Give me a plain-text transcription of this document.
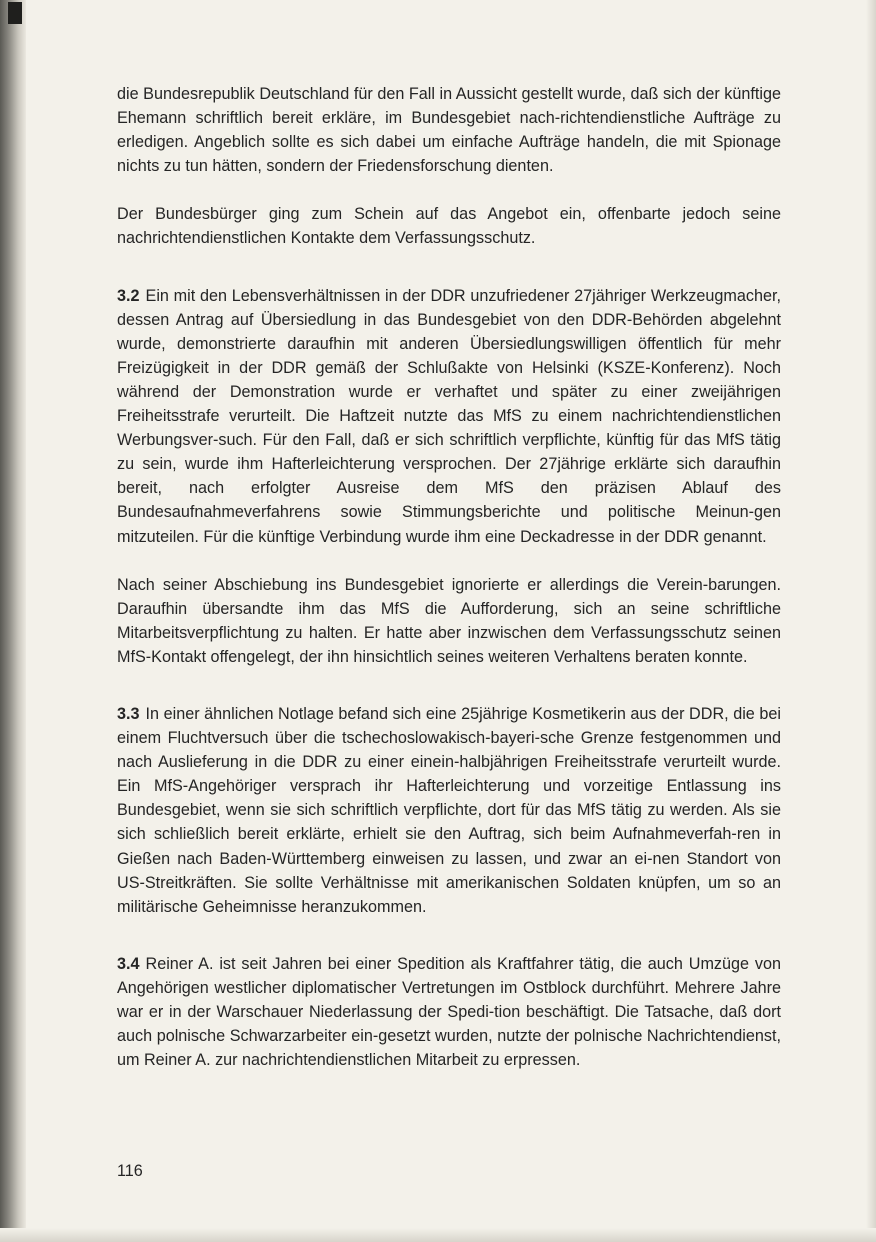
die Bundesrepublik Deutschland für den Fall in Aussicht gestellt wurde, daß sich der künftige Ehemann schriftlich bereit erkläre, im Bundesgebiet nach-richtendienstliche Aufträge zu erledigen. Angeblich sollte es sich dabei um einfache Aufträge handeln, die mit Spionage nichts zu tun hätten, sondern der Friedensforschung dienten.

Der Bundesbürger ging zum Schein auf das Angebot ein, offenbarte jedoch seine nachrichtendienstlichen Kontakte dem Verfassungsschutz.

3.2 Ein mit den Lebensverhältnissen in der DDR unzufriedener 27jähriger Werkzeugmacher, dessen Antrag auf Übersiedlung in das Bundesgebiet von den DDR-Behörden abgelehnt wurde, demonstrierte daraufhin mit anderen Übersiedlungswilligen öffentlich für mehr Freizügigkeit in der DDR gemäß der Schlußakte von Helsinki (KSZE-Konferenz). Noch während der Demonstration wurde er verhaftet und später zu einer zweijährigen Freiheitsstrafe verurteilt. Die Haftzeit nutzte das MfS zu einem nachrichtendienstlichen Werbungsver-such. Für den Fall, daß er sich schriftlich verpflichte, künftig für das MfS tätig zu sein, wurde ihm Hafterleichterung versprochen. Der 27jährige erklärte sich daraufhin bereit, nach erfolgter Ausreise dem MfS den präzisen Ablauf des Bundesaufnahmeverfahrens sowie Stimmungsberichte und politische Meinun-gen mitzuteilen. Für die künftige Verbindung wurde ihm eine Deckadresse in der DDR genannt.

Nach seiner Abschiebung ins Bundesgebiet ignorierte er allerdings die Verein-barungen. Daraufhin übersandte ihm das MfS die Aufforderung, sich an seine schriftliche Mitarbeitsverpflichtung zu halten. Er hatte aber inzwischen dem Verfassungsschutz seinen MfS-Kontakt offengelegt, der ihn hinsichtlich seines weiteren Verhaltens beraten konnte.

3.3 In einer ähnlichen Notlage befand sich eine 25jährige Kosmetikerin aus der DDR, die bei einem Fluchtversuch über die tschechoslowakisch-bayeri-sche Grenze festgenommen und nach Auslieferung in die DDR zu einer einein-halbjährigen Freiheitsstrafe verurteilt wurde. Ein MfS-Angehöriger versprach ihr Hafterleichterung und vorzeitige Entlassung ins Bundesgebiet, wenn sie sich schriftlich verpflichte, dort für das MfS tätig zu werden. Als sie sich schließlich bereit erklärte, erhielt sie den Auftrag, sich beim Aufnahmeverfah-ren in Gießen nach Baden-Württemberg einweisen zu lassen, und zwar an ei-nen Standort von US-Streitkräften. Sie sollte Verhältnisse mit amerikanischen Soldaten knüpfen, um so an militärische Geheimnisse heranzukommen.

3.4 Reiner A. ist seit Jahren bei einer Spedition als Kraftfahrer tätig, die auch Umzüge von Angehörigen westlicher diplomatischer Vertretungen im Ostblock durchführt. Mehrere Jahre war er in der Warschauer Niederlassung der Spedi-tion beschäftigt. Die Tatsache, daß dort auch polnische Schwarzarbeiter ein-gesetzt wurden, nutzte der polnische Nachrichtendienst, um Reiner A. zur nachrichtendienstlichen Mitarbeit zu erpressen.

116
